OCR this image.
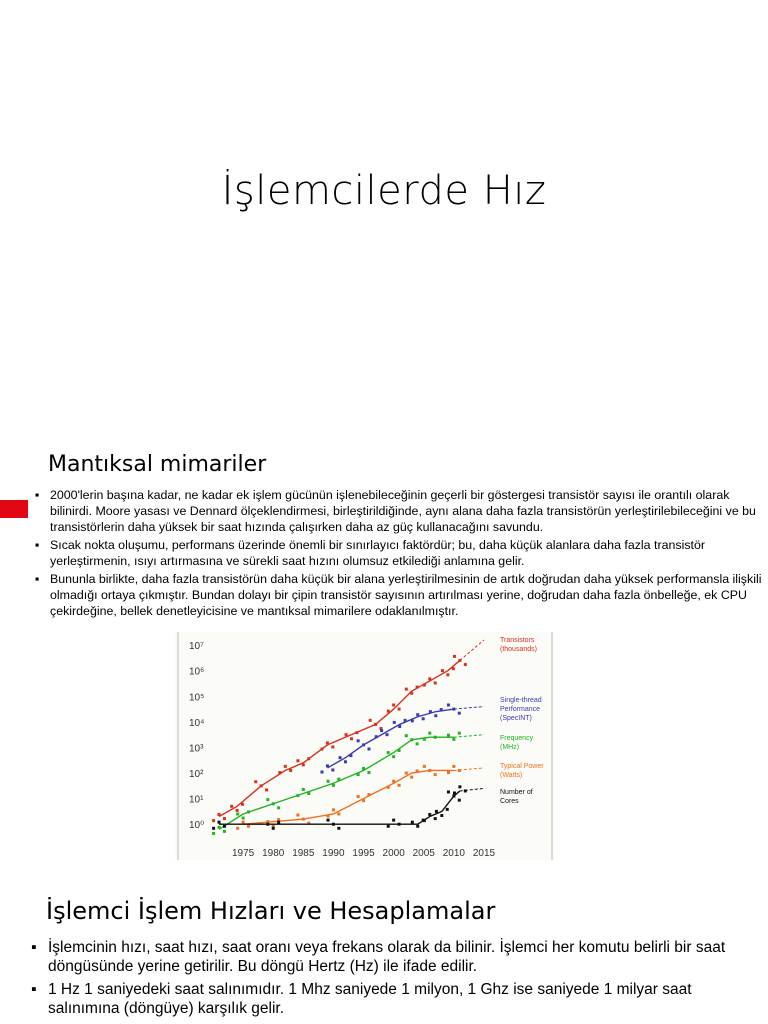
İşlemcilerde Hız
Mantıksal mimariler
▪ 2000'lerin başına kadar, ne kadar ek işlem gücünün işlenebileceğinin geçerli bir göstergesi transistör sayısı ile orantılı olarak bilinirdi. Moore yasası ve Dennard ölçeklendirmesi, birleştirildiğinde, aynı alana daha fazla transistörün yerleştirilebileceğini ve bu transistörlerin daha yüksek bir saat hızında çalışırken daha az güç kullanacağını savundu.
▪ Sıcak nokta oluşumu, performans üzerinde önemli bir sınırlayıcı faktördür; bu, daha küçük alanlara daha fazla transistör yerleştirmenin, ısıyı artırmasına ve sürekli saat hızını olumsuz etkilediği anlamına gelir.
▪ Bununla birlikte, daha fazla transistörün daha küçük bir alana yerleştirilmesinin de artık doğrudan daha yüksek performansla ilişkili olmadığı ortaya çıkmıştır. Bundan dolayı bir çipin transistör sayısının artırılması yerine, doğrudan daha fazla önbelleğe, ek CPU çekirdeğine, bellek denetleyicisine ve mantıksal mimarilere odaklanılmıştır.
10⁰
10¹
10²
10³
10⁴
10⁵
10⁶
10⁷
1975 1980 1985 1990 1995 2000 2005 2010 2015
Transistors
(thousands)
Single-thread
Performance
(SpecINT)
Frequency
(MHz)
Typical Power
(Watts)
Number of
Cores
İşlemci İşlem Hızları ve Hesaplamalar
▪ İşlemcinin hızı, saat hızı, saat oranı veya frekans olarak da bilinir. İşlemci her komutu belirli bir saat döngüsünde yerine getirilir. Bu döngü Hertz (Hz) ile ifade edilir.
▪ 1 Hz 1 saniyedeki saat salınımıdır. 1 Mhz saniyede 1 milyon, 1 Ghz ise saniyede 1 milyar saat salınımına (döngüye) karşılık gelir.
